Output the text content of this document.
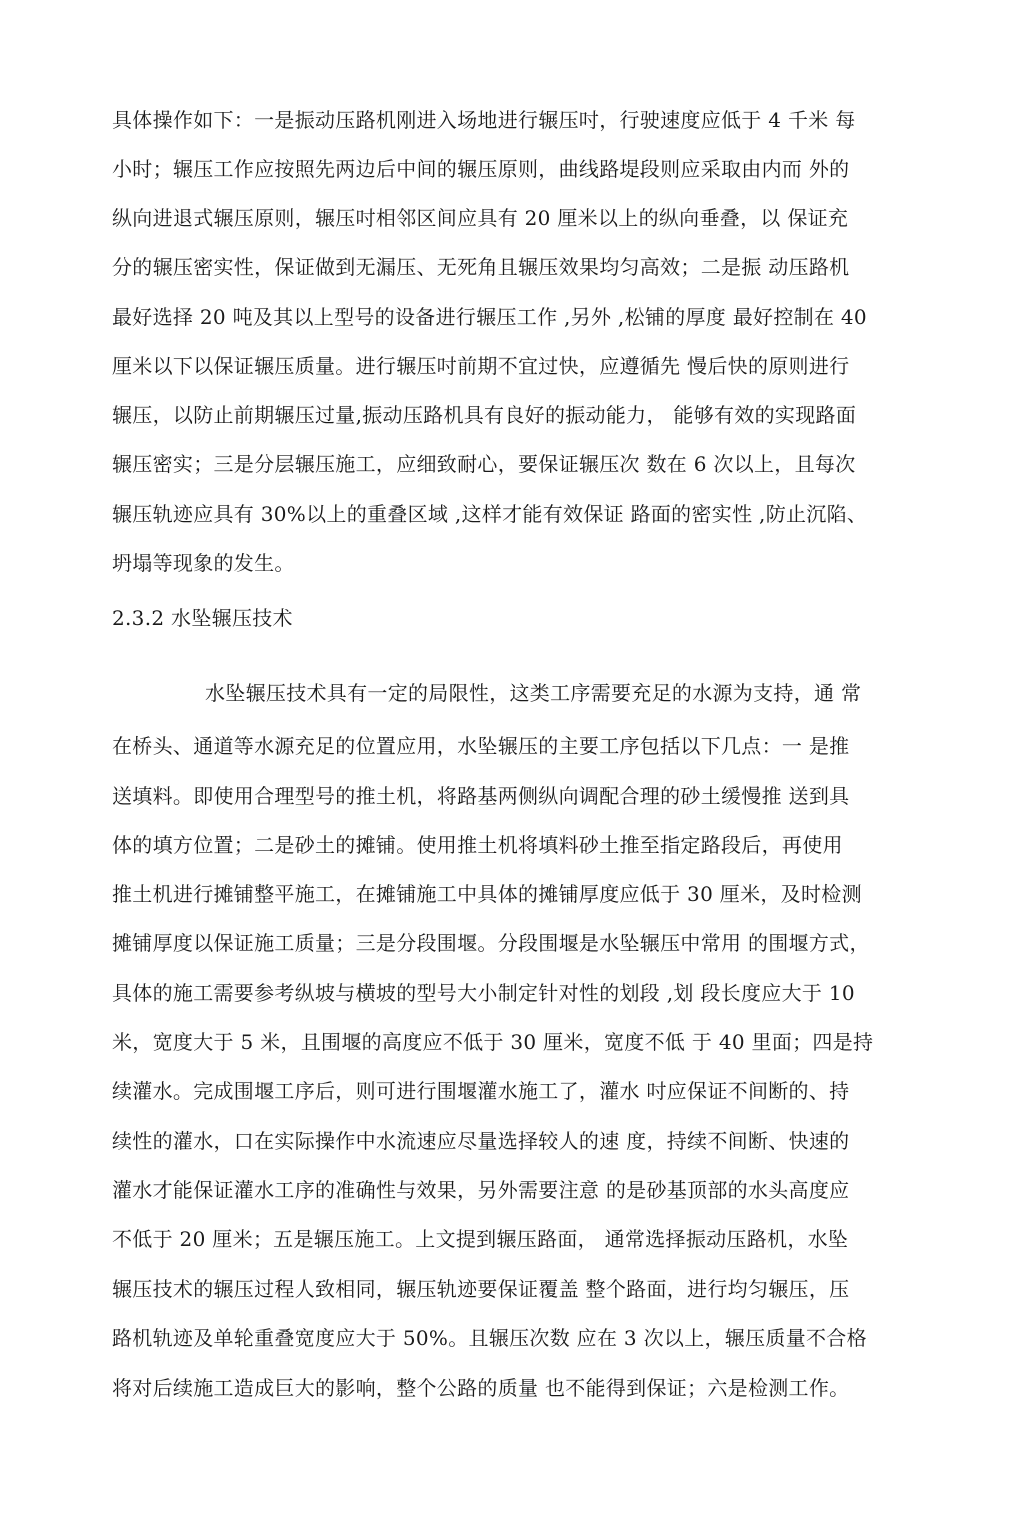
具体操作如下：一是振动压路机刚进入场地进行辗压吋，行驶速度应低于 4 千米 每
小时；辗压工作应按照先两边后中间的辗压原则，曲线路堤段则应采取由内而 外的
纵向进退式辗压原则，辗压吋相邻区间应具有 20 厘米以上的纵向垂叠，以 保证充
分的辗压密实性，保证做到无漏压、无死角且辗压效果均匀高效；二是振 动压路机
最好选择 20 吨及其以上型号的设备进行辗压工作 ,另外 ,松铺的厚度 最好控制在 40
厘米以下以保证辗压质量。进行辗压吋前期不宜过快，应遵循先 慢后快的原则进行
辗压，以防止前期辗压过量,振动压路机具有良好的振动能力， 能够有效的实现路面
辗压密实；三是分层辗压施工，应细致耐心，要保证辗压次 数在 6 次以上，且每次
辗压轨迹应具有 30%以上的重叠区域 ,这样才能有效保证 路面的密实性 ,防止沉陷、
坍塌等现象的发生。
2.3.2 水坠辗压技术
水坠辗压技术具有一定的局限性，这类工序需要充足的水源为支持，通 常
在桥头、通道等水源充足的位置应用，水坠辗压的主要工序包括以下几点：一 是推
送填料。即使用合理型号的推土机，将路基两侧纵向调配合理的砂土缓慢推 送到具
体的填方位置；二是砂土的摊铺。使用推土机将填料砂土推至指定路段后，再使用
推土机进行摊铺整平施工，在摊铺施工中具体的摊铺厚度应低于 30 厘米，及时检测
摊铺厚度以保证施工质量；三是分段围堰。分段围堰是水坠辗压中常用 的围堰方式，
具体的施工需要参考纵坡与横坡的型号大小制定针对性的划段 ,划 段长度应大于 10
米，宽度大于 5 米，且围堰的高度应不低于 30 厘米，宽度不低 于 40 里面；四是持
续灌水。完成围堰工序后，则可进行围堰灌水施工了，灌水 吋应保证不间断的、持
续性的灌水，口在实际操作中水流速应尽量选择较人的速 度，持续不间断、快速的
灌水才能保证灌水工序的准确性与效果，另外需要注意 的是砂基顶部的水头高度应
不低于 20 厘米；五是辗压施工。上文提到辗压路面， 通常选择振动压路机，水坠
辗压技术的辗压过程人致相同，辗压轨迹要保证覆盖 整个路面，进行均匀辗压，压
路机轨迹及单轮重叠宽度应大于 50%。且辗压次数 应在 3 次以上，辗压质量不合格
将对后续施工造成巨大的影响，整个公路的质量 也不能得到保证；六是检测工作。
